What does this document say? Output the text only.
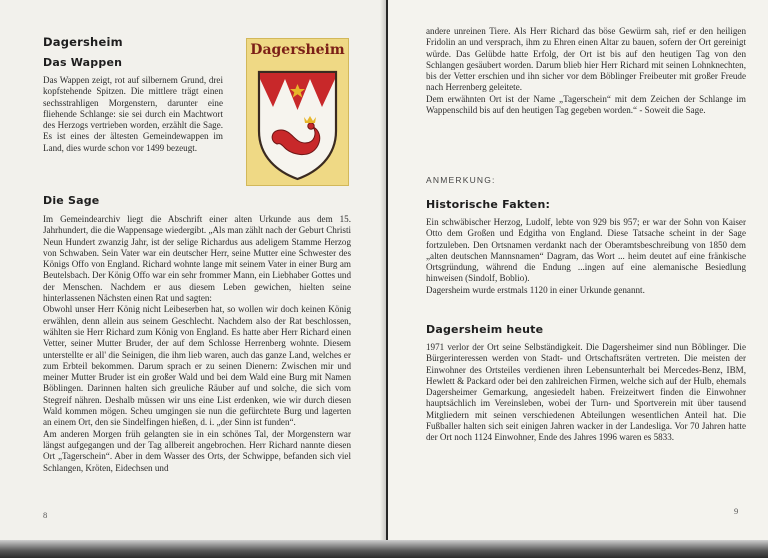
Dagersheim
Das Wappen

Das Wappen zeigt, rot auf silbernem Grund, drei kopfstehende Spitzen. Die mittlere trägt einen sechsstrahligen Morgenstern, darunter eine fliehende Schlange: sie sei durch ein Machtwort des Herzogs vertrieben worden, erzählt die Sage. Es ist eines der ältesten Gemeindewappen im Land, dies wurde schon vor 1499 bezeugt.

Dagersheim
Die Sage

Im Gemeindearchiv liegt die Abschrift einer alten Urkunde aus dem 15. Jahrhundert, die die Wappensage wiedergibt. „Als man zählt nach der Geburt Christi Neun Hundert zwanzig Jahr, ist der selige Richardus aus adeligem Stamme Herzog von Schwaben. Sein Vater war ein deutscher Herr, seine Mutter eine Schwester des Königs Offo von England. Richard wohnte lange mit seinem Vater in einer Burg am Beutelsbach. Der König Offo war ein sehr frommer Mann, ein Liebhaber Gottes und der Menschen. Nachdem er aus diesem Leben gewichen, hielten seine hinterlassenen Nächsten einen Rat und sagten:
Obwohl unser Herr König nicht Leibeserben hat, so wollen wir doch keinen König erwählen, denn allein aus seinem Geschlecht. Nachdem also der Rat beschlossen, wählten sie Herr Richard zum König von England. Es hatte aber Herr Richard einen Vetter, seiner Mutter Bruder, der auf dem Schlosse Herrenberg wohnte. Diesem unterstellte er all' die Seinigen, die ihm lieb waren, auch das ganze Land, welches er zum Erbteil bekommen. Darum sprach er zu seinen Dienern: Zwischen mir und meiner Mutter Bruder ist ein großer Wald und bei dem Wald eine Burg mit Namen Böblingen. Darinnen halten sich greuliche Räuber auf und solche, die sich vom Stegreif nähren. Deshalb müssen wir uns eine List erdenken, wie wir durch diesen Wald kommen mögen. Scheu umgingen sie nun die gefürchtete Burg und lagerten an einem Ort, den sie Sindelfingen hießen, d. i. „der Sinn ist funden“.
Am anderen Morgen früh gelangten sie in ein schönes Tal, der Morgenstern war längst aufgegangen und der Tag allbereit angebrochen. Herr Richard nannte diesen Ort „Tagerschein“. Aber in dem Wasser des Orts, der Schwippe, befanden sich viel Schlangen, Kröten, Eidechsen und

8

andere unreinen Tiere. Als Herr Richard das böse Gewürm sah, rief er den heiligen Fridolin an und versprach, ihm zu Ehren einen Altar zu bauen, sofern der Ort gereinigt würde. Das Gelübde hatte Erfolg, der Ort ist bis auf den heutigen Tag von den Schlangen gesäubert worden. Darum blieb hier Herr Richard mit seinen Lohnknechten, bis der Vetter erschien und ihn sicher vor dem Böblinger Freibeuter mit großer Freude nach Herrenberg geleitete.
Dem erwähnten Ort ist der Name „Tagerschein“ mit dem Zeichen der Schlange im Wappenschild bis auf den heutigen Tag gegeben worden.“ - Soweit die Sage.

ANMERKUNG:
Historische Fakten:

Ein schwäbischer Herzog, Ludolf, lebte von 929 bis 957; er war der Sohn von Kaiser Otto dem Großen und Edgitha von England. Diese Tatsache scheint in der Sage fortzuleben. Den Ortsnamen verdankt nach der Oberamtsbeschreibung von 1850 dem „alten deutschen Mannsnamen“ Dagram, das Wort ... heim deutet auf eine fränkische Ortsgründung, während die Endung ...ingen auf eine alemanische Besiedlung hinweisen (Sindolf, Boblio).
Dagersheim wurde erstmals 1120 in einer Urkunde genannt.

Dagersheim heute

1971 verlor der Ort seine Selbständigkeit. Die Dagersheimer sind nun Böblinger. Die Bürgerinteressen werden von Stadt- und Ortschaftsräten vertreten. Die meisten der Einwohner des Ortsteiles verdienen ihren Lebensunterhalt bei Mercedes-Benz, IBM, Hewlett & Packard oder bei den zahlreichen Firmen, welche sich auf der Hulb, ehemals Dagersheimer Gemarkung, angesiedelt haben. Freizeitwert finden die Einwohner hauptsächlich im Vereinsleben, wobei der Turn- und Sportverein mit über tausend Mitgliedern mit seinen verschiedenen Abteilungen wesentlichen Anteil hat. Die Fußballer halten sich seit einigen Jahren wacker in der Landesliga. Vor 70 Jahren hatte der Ort noch 1124 Einwohner, Ende des Jahres 1996 waren es 5833.

9
